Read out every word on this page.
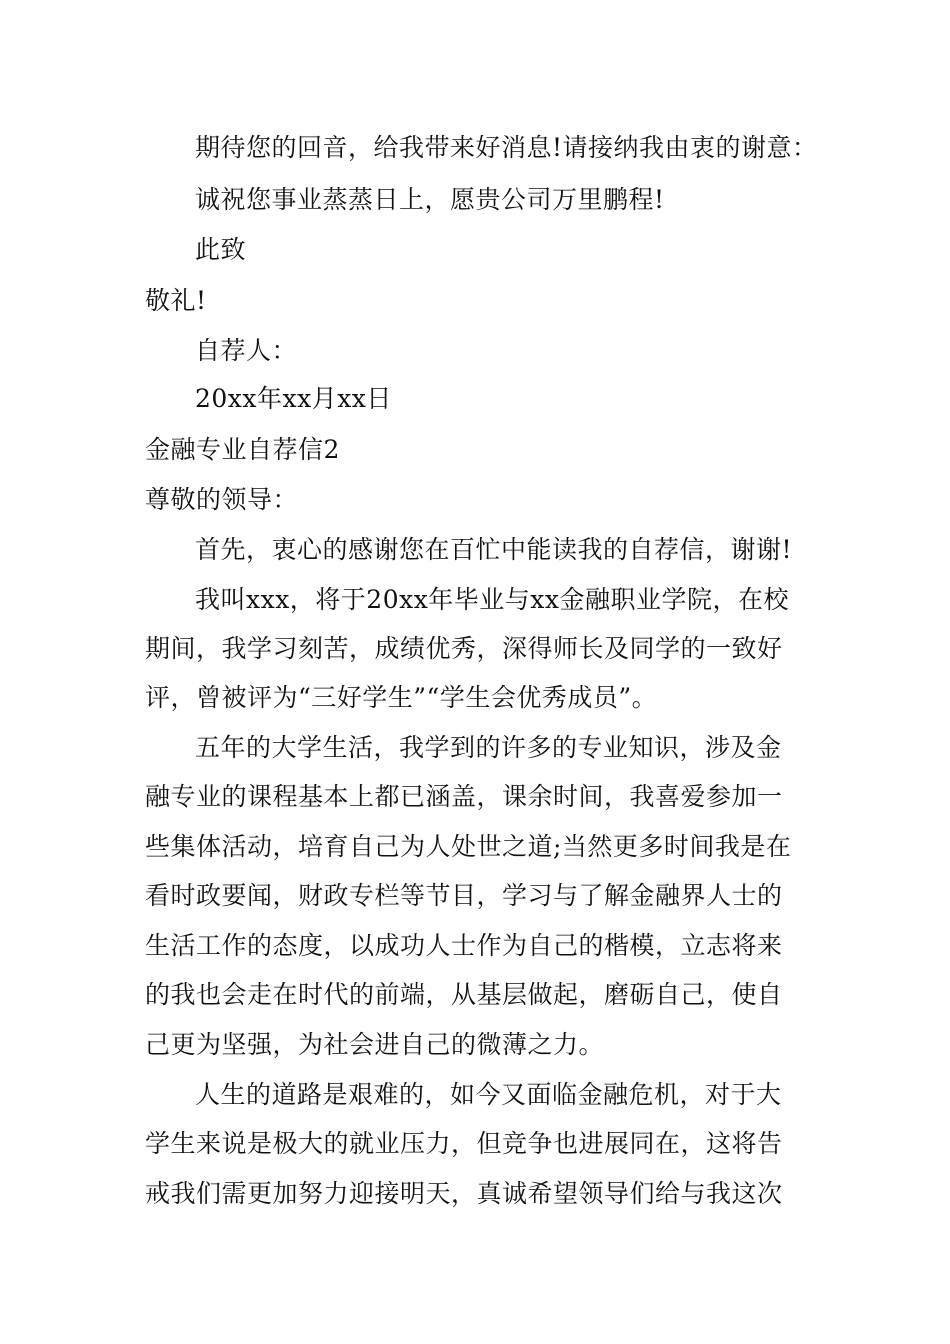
期待您的回音，给我带来好消息!请接纳我由衷的谢意：
诚祝您事业蒸蒸日上，愿贵公司万里鹏程!
此致
敬礼!
自荐人：
20xx年xx月xx日
金融专业自荐信2
尊敬的领导：
首先，衷心的感谢您在百忙中能读我的自荐信，谢谢!
我叫xxx，将于20xx年毕业与xx金融职业学院，在校
期间，我学习刻苦，成绩优秀，深得师长及同学的一致好
评，曾被评为“三好学生”“学生会优秀成员”。
五年的大学生活，我学到的许多的专业知识，涉及金
融专业的课程基本上都已涵盖，课余时间，我喜爱参加一
些集体活动，培育自己为人处世之道;当然更多时间我是在
看时政要闻，财政专栏等节目，学习与了解金融界人士的
生活工作的态度，以成功人士作为自己的楷模，立志将来
的我也会走在时代的前端，从基层做起，磨砺自己，使自
己更为坚强，为社会进自己的微薄之力。
人生的道路是艰难的，如今又面临金融危机，对于大
学生来说是极大的就业压力，但竞争也进展同在，这将告
戒我们需更加努力迎接明天，真诚希望领导们给与我这次
